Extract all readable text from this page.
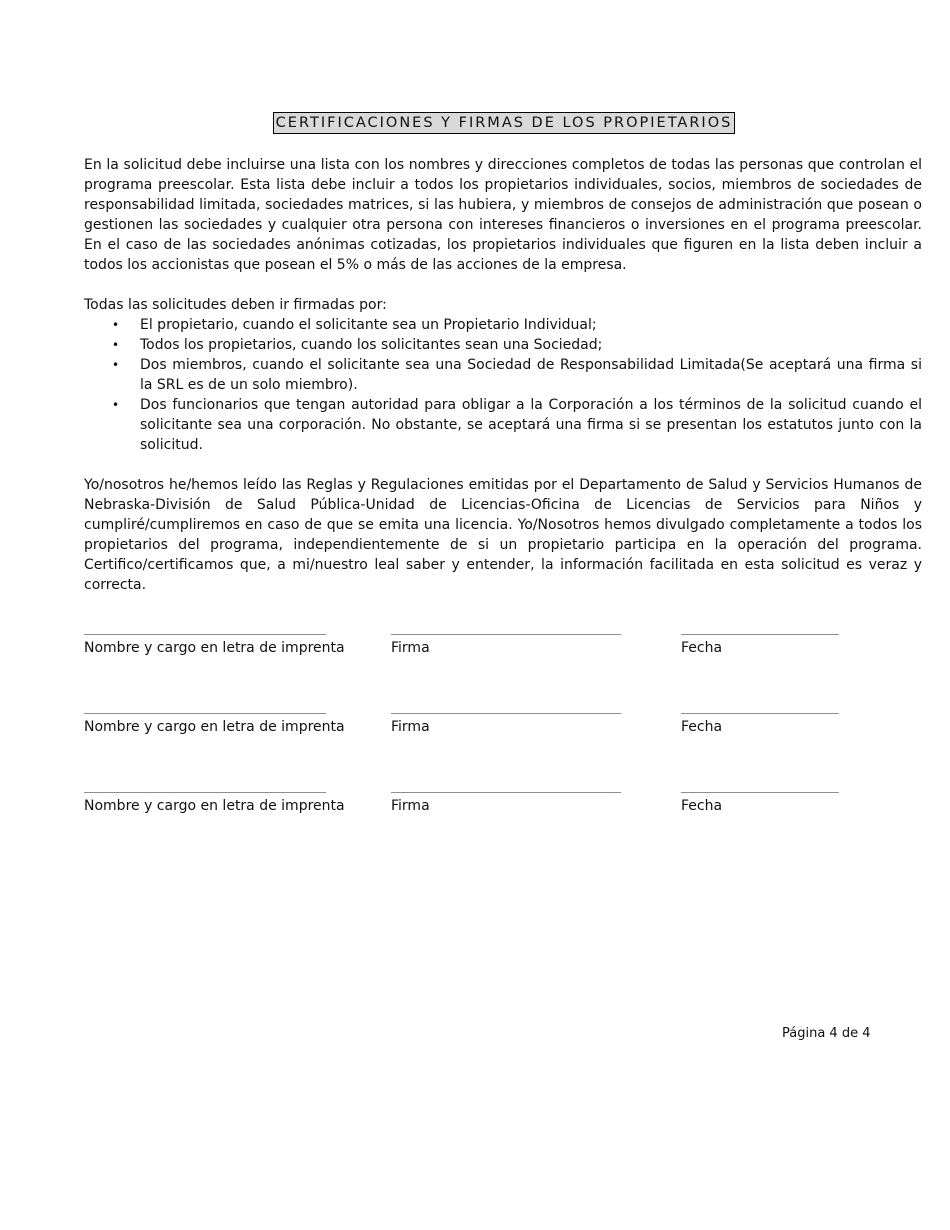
CERTIFICACIONES Y FIRMAS DE LOS PROPIETARIOS

En la solicitud debe incluirse una lista con los nombres y direcciones completos de todas las personas que controlan el programa preescolar. Esta lista debe incluir a todos los propietarios individuales, socios, miembros de sociedades de responsabilidad limitada, sociedades matrices, si las hubiera, y miembros de consejos de administración que posean o gestionen las sociedades y cualquier otra persona con intereses financieros o inversiones en el programa preescolar. En el caso de las sociedades anónimas cotizadas, los propietarios individuales que figuren en la lista deben incluir a todos los accionistas que posean el 5% o más de las acciones de la empresa.

Todas las solicitudes deben ir firmadas por:

• El propietario, cuando el solicitante sea un Propietario Individual;
• Todos los propietarios, cuando los solicitantes sean una Sociedad;
• Dos miembros, cuando el solicitante sea una Sociedad de Responsabilidad Limitada(Se aceptará una firma si la SRL es de un solo miembro).
• Dos funcionarios que tengan autoridad para obligar a la Corporación a los términos de la solicitud cuando el solicitante sea una corporación. No obstante, se aceptará una firma si se presentan los estatutos junto con la solicitud.

Yo/nosotros he/hemos leído las Reglas y Regulaciones emitidas por el Departamento de Salud y Servicios Humanos de Nebraska-División de Salud Pública-Unidad de Licencias-Oficina de Licencias de Servicios para Niños y cumpliré/cumpliremos en caso de que se emita una licencia. Yo/Nosotros hemos divulgado completamente a todos los propietarios del programa, independientemente de si un propietario participa en la operación del programa. Certifico/certificamos que, a mi/nuestro leal saber y entender, la información facilitada en esta solicitud es veraz y correcta.

________________________________________
Nombre y cargo en letra de imprenta
______________________________________
Firma
__________________________
Fecha
________________________________________
Nombre y cargo en letra de imprenta
______________________________________
Firma
__________________________
Fecha
________________________________________
Nombre y cargo en letra de imprenta
______________________________________
Firma
__________________________
Fecha
Página 4 de 4
